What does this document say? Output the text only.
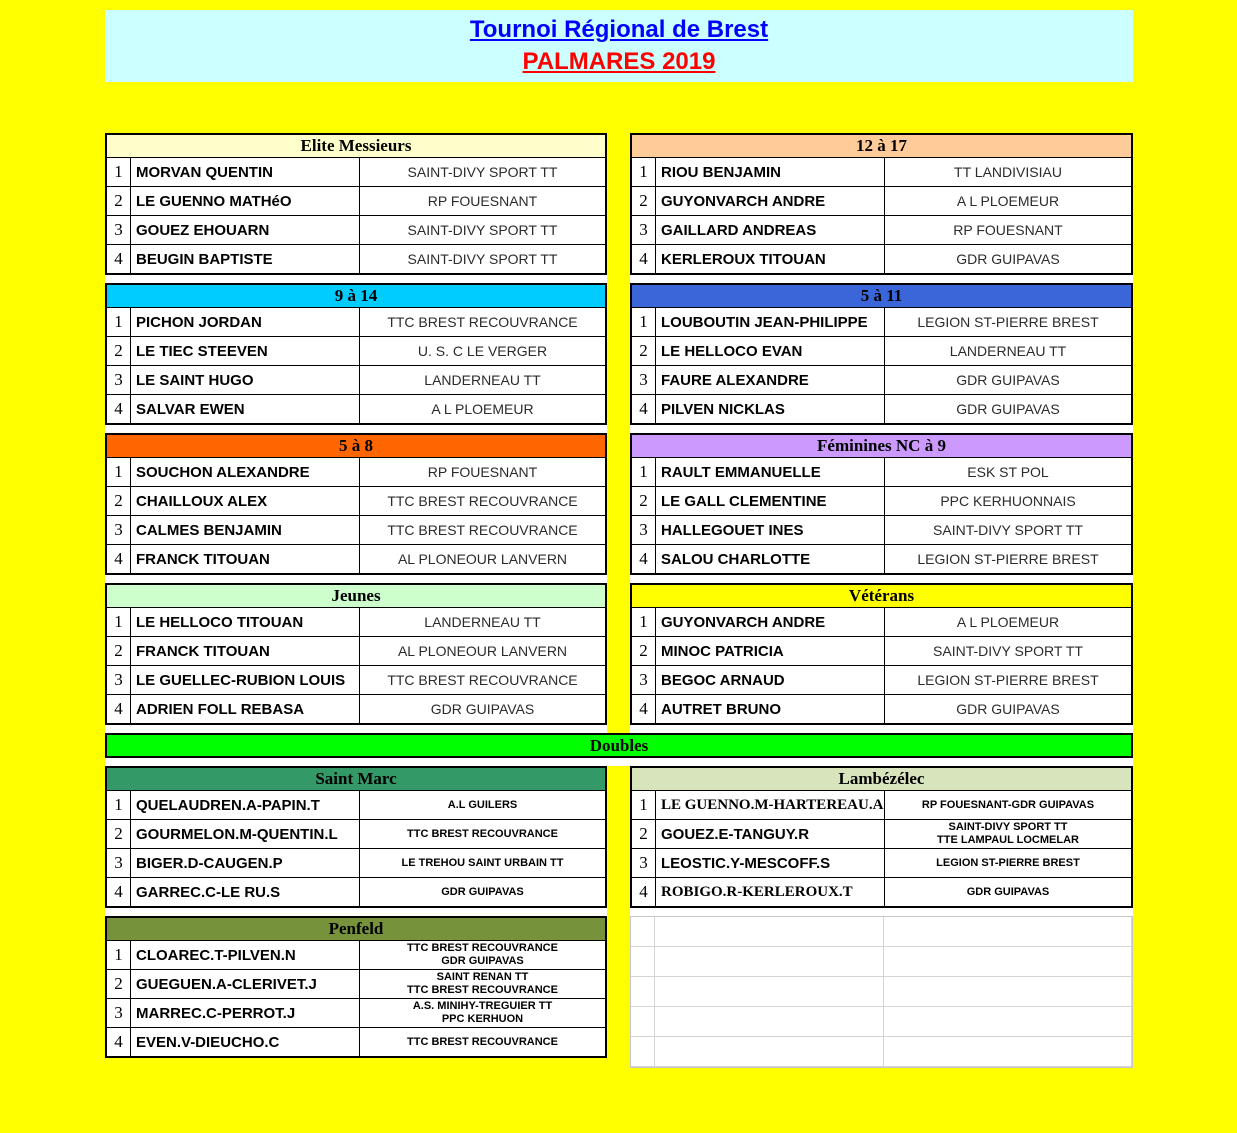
Tournoi Régional de Brest
PALMARES 2019
Elite Messieurs
1 MORVAN QUENTIN	SAINT-DIVY SPORT TT
2 LE GUENNO MATHéO	RP FOUESNANT
3 GOUEZ EHOUARN	SAINT-DIVY SPORT TT
4 BEUGIN BAPTISTE	SAINT-DIVY SPORT TT
12 à 17
1 RIOU BENJAMIN	TT LANDIVISIAU
2 GUYONVARCH ANDRE	A L PLOEMEUR
3 GAILLARD ANDREAS	RP FOUESNANT
4 KERLEROUX TITOUAN	GDR GUIPAVAS
9 à 14
1 PICHON JORDAN	TTC BREST RECOUVRANCE
2 LE TIEC STEEVEN	U. S. C LE VERGER
3 LE SAINT HUGO	LANDERNEAU TT
4 SALVAR EWEN	A L PLOEMEUR
5 à 11
1 LOUBOUTIN JEAN-PHILIPPE	LEGION ST-PIERRE BREST
2 LE HELLOCO EVAN	LANDERNEAU TT
3 FAURE ALEXANDRE	GDR GUIPAVAS
4 PILVEN NICKLAS	GDR GUIPAVAS
5 à 8
1 SOUCHON ALEXANDRE	RP FOUESNANT
2 CHAILLOUX ALEX	TTC BREST RECOUVRANCE
3 CALMES BENJAMIN	TTC BREST RECOUVRANCE
4 FRANCK TITOUAN	AL PLONEOUR LANVERN
Féminines NC à 9
1 RAULT EMMANUELLE	ESK ST POL
2 LE GALL CLEMENTINE	PPC KERHUONNAIS
3 HALLEGOUET INES	SAINT-DIVY SPORT TT
4 SALOU CHARLOTTE	LEGION ST-PIERRE BREST
Jeunes
1 LE HELLOCO TITOUAN	LANDERNEAU TT
2 FRANCK TITOUAN	AL PLONEOUR LANVERN
3 LE GUELLEC-RUBION LOUIS	TTC BREST RECOUVRANCE
4 ADRIEN FOLL REBASA	GDR GUIPAVAS
Vétérans
1 GUYONVARCH ANDRE	A L PLOEMEUR
2 MINOC PATRICIA	SAINT-DIVY SPORT TT
3 BEGOC ARNAUD	LEGION ST-PIERRE BREST
4 AUTRET BRUNO	GDR GUIPAVAS
Doubles
Saint Marc
1 QUELAUDREN.A-PAPIN.T	A.L GUILERS
2 GOURMELON.M-QUENTIN.L	TTC BREST RECOUVRANCE
3 BIGER.D-CAUGEN.P	LE TREHOU SAINT URBAIN TT
4 GARREC.C-LE RU.S	GDR GUIPAVAS
Lambézélec
1 LE GUENNO.M-HARTEREAU.A	RP FOUESNANT-GDR GUIPAVAS
2 GOUEZ.E-TANGUY.R	SAINT-DIVY SPORT TT
TTE LAMPAUL LOCMELAR
3 LEOSTIC.Y-MESCOFF.S	LEGION ST-PIERRE BREST
4 ROBIGO.R-KERLEROUX.T	GDR GUIPAVAS
Penfeld
1 CLOAREC.T-PILVEN.N	TTC BREST RECOUVRANCE
GDR GUIPAVAS
2 GUEGUEN.A-CLERIVET.J	SAINT RENAN TT
TTC BREST RECOUVRANCE
3 MARREC.C-PERROT.J	A.S. MINIHY-TREGUIER TT
PPC KERHUON
4 EVEN.V-DIEUCHO.C	TTC BREST RECOUVRANCE
